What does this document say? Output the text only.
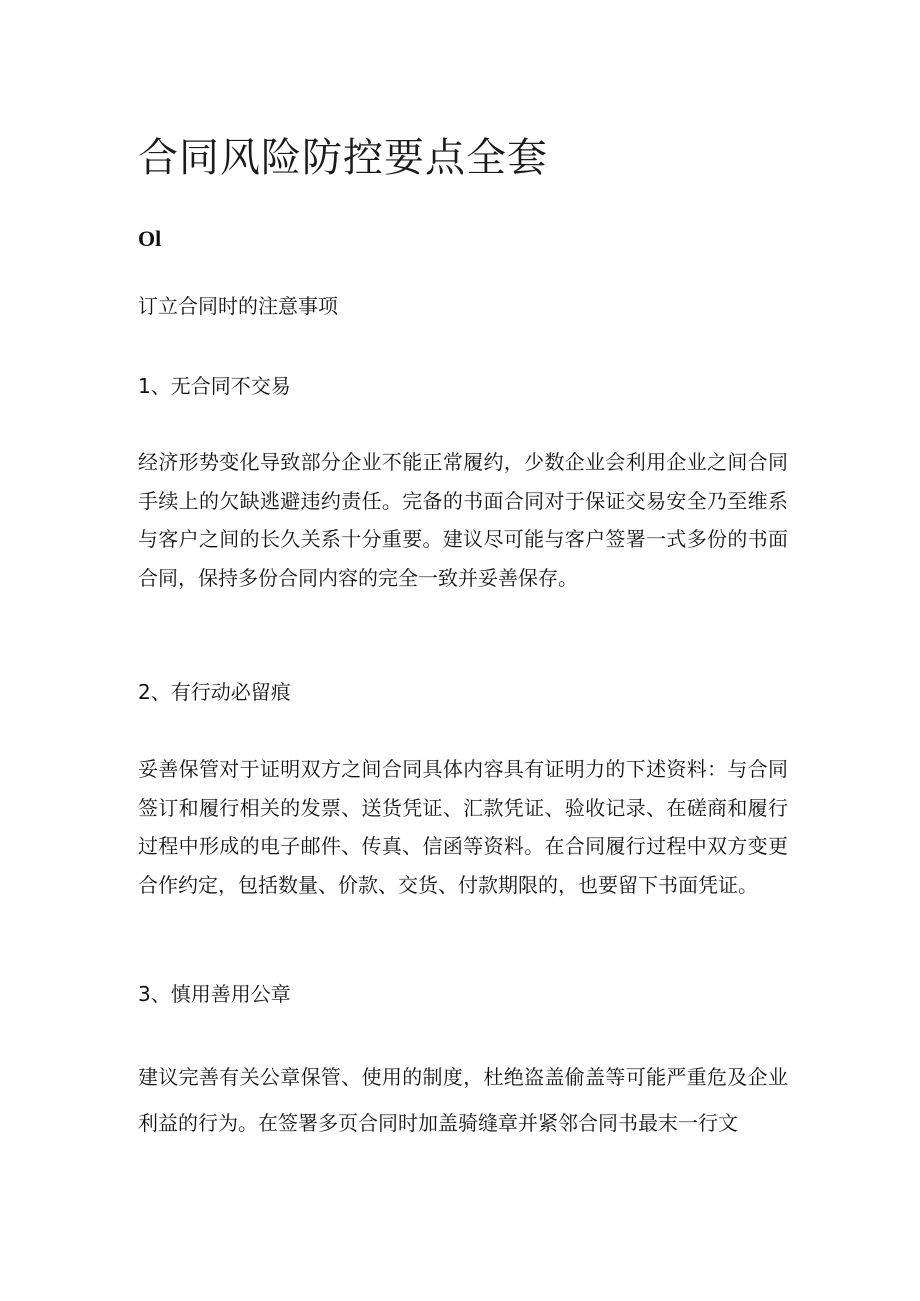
合同风险防控要点全套
Ol
订立合同时的注意事项
1、无合同不交易

经济形势变化导致部分企业不能正常履约，少数企业会利用企业之间合同手续上的欠缺逃避违约责任。完备的书面合同对于保证交易安全乃至维系与客户之间的长久关系十分重要。建议尽可能与客户签署一式多份的书面合同，保持多份合同内容的完全一致并妥善保存。

2、有行动必留痕

妥善保管对于证明双方之间合同具体内容具有证明力的下述资料：与合同签订和履行相关的发票、送货凭证、汇款凭证、验收记录、在磋商和履行过程中形成的电子邮件、传真、信函等资料。在合同履行过程中双方变更合作约定，包括数量、价款、交货、付款期限的，也要留下书面凭证。

3、慎用善用公章

建议完善有关公章保管、使用的制度，杜绝盗盖偷盖等可能严重危及企业利益的行为。在签署多页合同时加盖骑缝章并紧邻合同书最末一行文
